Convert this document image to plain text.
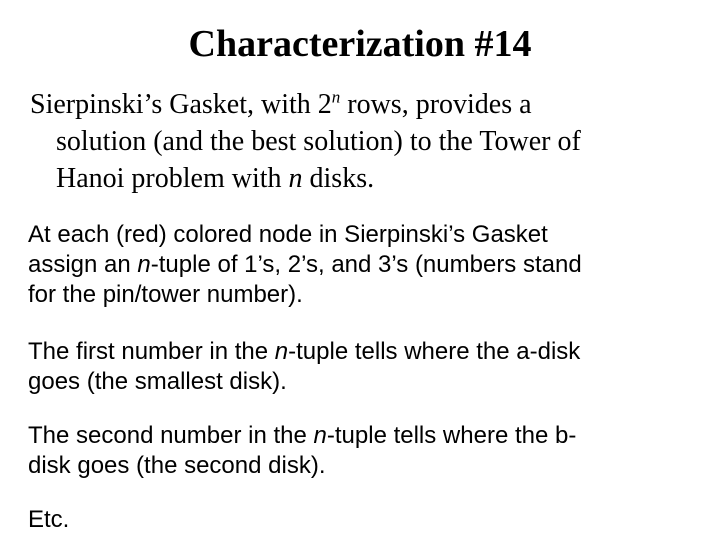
Characterization #14
Sierpinski’s Gasket, with 2$^n$ rows, provides a
solution (and the best solution) to the Tower of
Hanoi problem with n disks.
At each (red) colored node in Sierpinski’s Gasket
assign an n-tuple of 1’s, 2’s, and 3’s (numbers stand
for the pin/tower number).
The first number in the n-tuple tells where the a-disk
goes (the smallest disk).
The second number in the n-tuple tells where the b-
disk goes (the second disk).
Etc.
